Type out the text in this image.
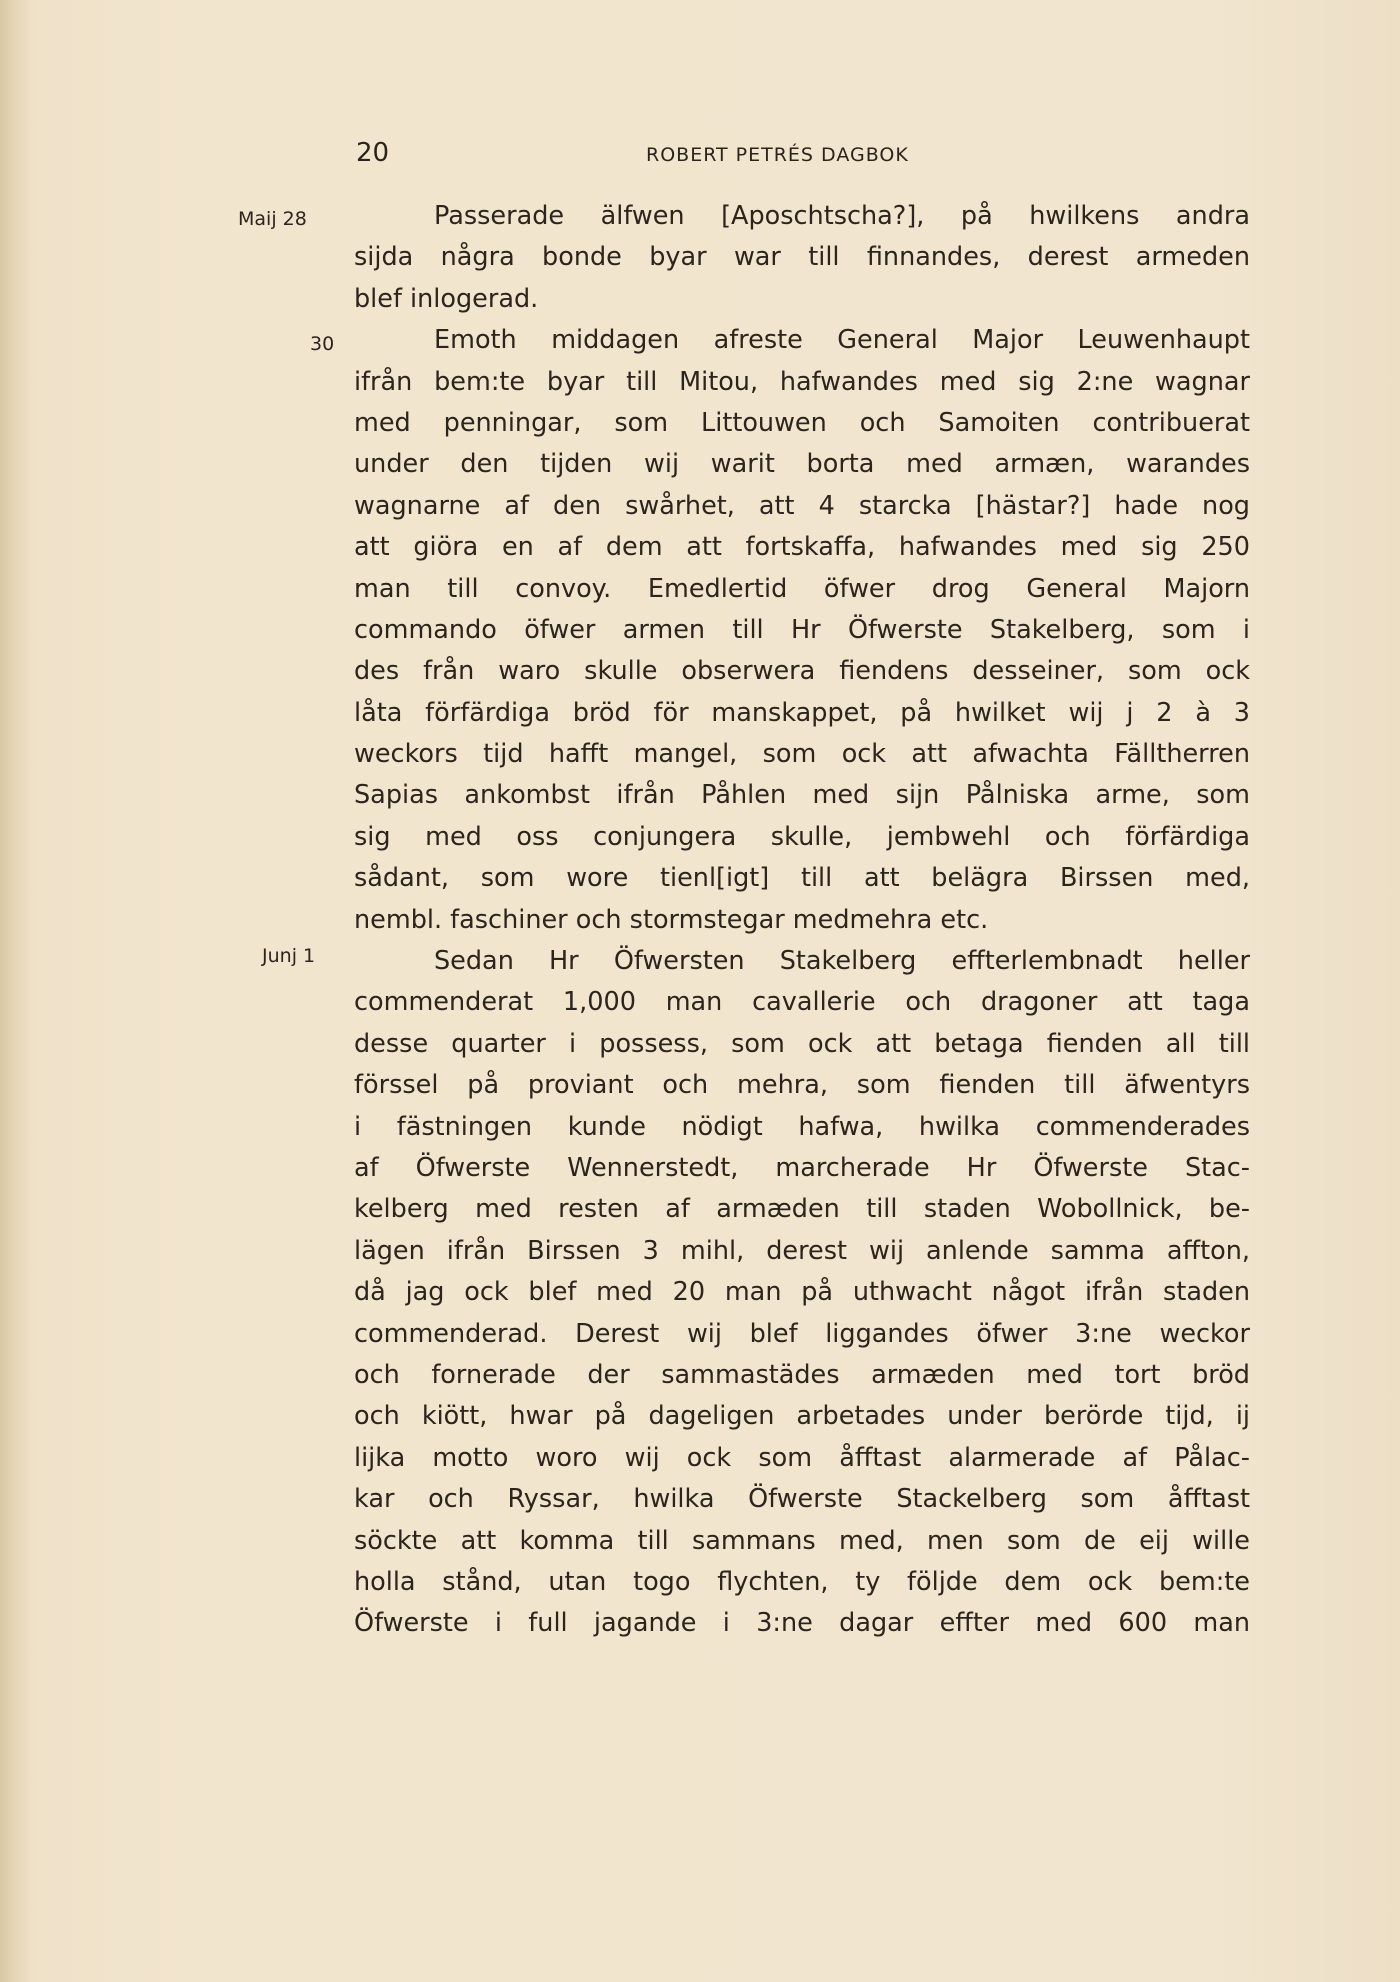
20	ROBERT PETRÉS DAGBOK
Maij 28
30
Junj 1
Passerade älfwen [Aposchtscha?], på hwilkens andra
sijda några bonde byar war till finnandes, derest armeden
blef inlogerad.
Emoth middagen afreste General Major Leuwenhaupt
ifrån bem:te byar till Mitou, hafwandes med sig 2:ne wagnar
med penningar, som Littouwen och Samoiten contribuerat
under den tijden wij warit borta med armæn, warandes
wagnarne af den swårhet, att 4 starcka [hästar?] hade nog
att giöra en af dem att fortskaffa, hafwandes med sig 250
man till convoy. Emedlertid öfwer drog General Majorn
commando öfwer armen till Hr Öfwerste Stakelberg, som i
des från waro skulle obserwera fiendens desseiner, som ock
låta förfärdiga bröd för manskappet, på hwilket wij j 2 à 3
weckors tijd hafft mangel, som ock att afwachta Fälltherren
Sapias ankombst ifrån Påhlen med sijn Pålniska arme, som
sig med oss conjungera skulle, jembwehl och förfärdiga
sådant, som wore tienl[igt] till att belägra Birssen med,
nembl. faschiner och stormstegar medmehra etc.
Sedan Hr Öfwersten Stakelberg effterlembnadt heller
commenderat 1,000 man cavallerie och dragoner att taga
desse quarter i possess, som ock att betaga fienden all till
förssel på proviant och mehra, som fienden till äfwentyrs
i fästningen kunde nödigt hafwa, hwilka commenderades
af Öfwerste Wennerstedt, marcherade Hr Öfwerste Stac-
kelberg med resten af armæden till staden Wobollnick, be-
lägen ifrån Birssen 3 mihl, derest wij anlende samma affton,
då jag ock blef med 20 man på uthwacht något ifrån staden
commenderad. Derest wij blef liggandes öfwer 3:ne weckor
och fornerade der sammastädes armæden med tort bröd
och kiött, hwar på dageligen arbetades under berörde tijd, ij
lijka motto woro wij ock som åfftast alarmerade af Pålac-
kar och Ryssar, hwilka Öfwerste Stackelberg som åfftast
söckte att komma till sammans med, men som de eij wille
holla stånd, utan togo flychten, ty följde dem ock bem:te
Öfwerste i full jagande i 3:ne dagar effter med 600 man
